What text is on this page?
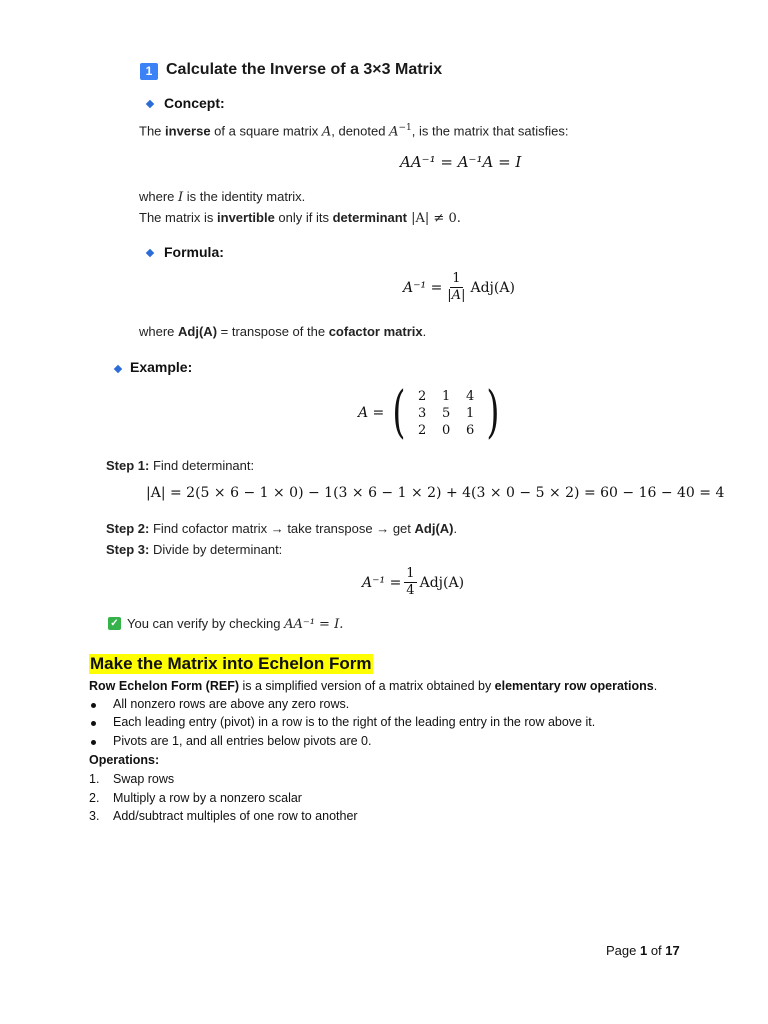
1 Calculate the Inverse of a 3×3 Matrix
Concept:
The inverse of a square matrix A, denoted $A^{-1}$, is the matrix that satisfies:
AA⁻¹ = A⁻¹A = I
where I is the identity matrix.
The matrix is invertible only if its determinant |A| ≠ 0.
Formula:
$A^{-1} = \frac{1}{|A|} Adj(A)$
where Adj(A) = transpose of the cofactor matrix.
Example:
A = ( 2	1	4
3	5	1
2	0	6 )
Step 1: Find determinant:
|A| = 2(5 × 6 − 1 × 0) − 1(3 × 6 − 1 × 2) + 4(3 × 0 − 5 × 2) = 60 − 16 − 40 = 4
Step 2: Find cofactor matrix → take transpose → get Adj(A).
Step 3: Divide by determinant:
$A^{-1} = \frac{1}{4} Adj(A)$
✓ You can verify by checking AA⁻¹ = I.
Make the Matrix into Echelon Form
Row Echelon Form (REF) is a simplified version of a matrix obtained by elementary row operations.
All nonzero rows are above any zero rows.
Each leading entry (pivot) in a row is to the right of the leading entry in the row above it.
Pivots are 1, and all entries below pivots are 0.
Operations:
1. Swap rows
2. Multiply a row by a nonzero scalar
3. Add/subtract multiples of one row to another
Page 1 of 17
